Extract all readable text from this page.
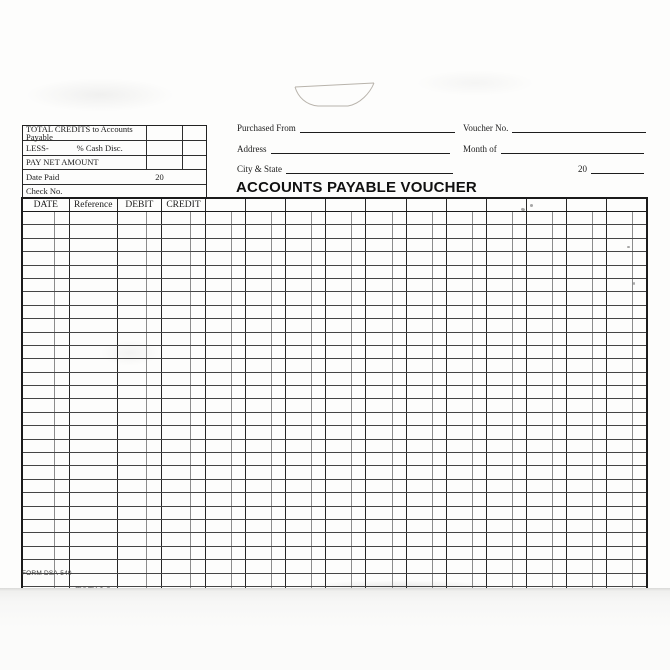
TOTAL CREDITS to Accounts Payable
LESS-	% Cash Disc.
PAY NET AMOUNT
Date Paid	20
Check No.
Purchased From	Voucher No.
Address	Month of
City & State	20
ACCOUNTS PAYABLE VOUCHER
DATE		Reference	DEBIT		CREDIT																							

FORM DSA-540
